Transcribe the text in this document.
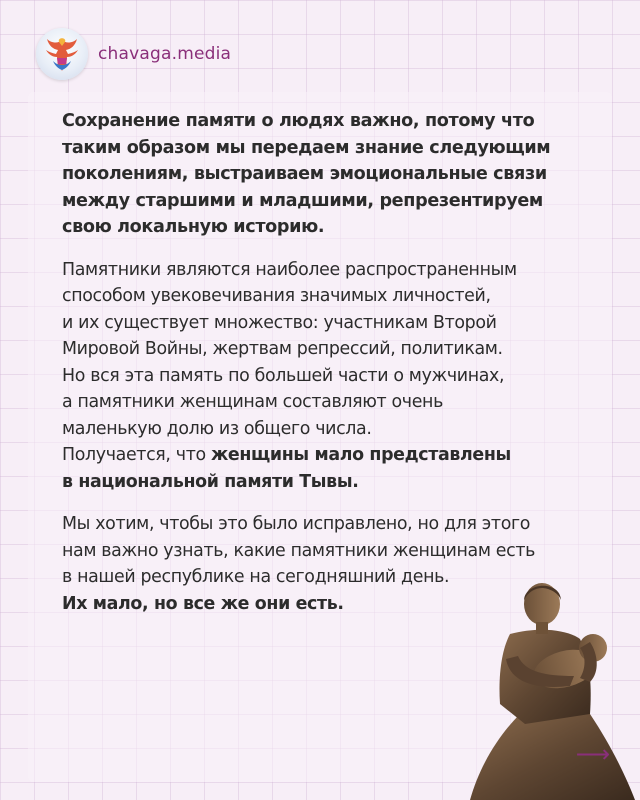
chavaga.media
Сохранение памяти о людях важно, потому что
таким образом мы передаем знание следующим
поколениям, выстраиваем эмоциональные связи
между старшими и младшими, репрезентируем
свою локальную историю.
Памятники являются наиболее распространенным
способом увековечивания значимых личностей,
и их существует множество: участникам Второй
Мировой Войны, жертвам репрессий, политикам.
Но вся эта память по большей части о мужчинах,
а памятники женщинам составляют очень
маленькую долю из общего числа.
Получается, что женщины мало представлены
в национальной памяти Тывы.
Мы хотим, чтобы это было исправлено, но для этого
нам важно узнать, какие памятники женщинам есть
в нашей республике на сегодняшний день.
Их мало, но все же они есть.
⟶
